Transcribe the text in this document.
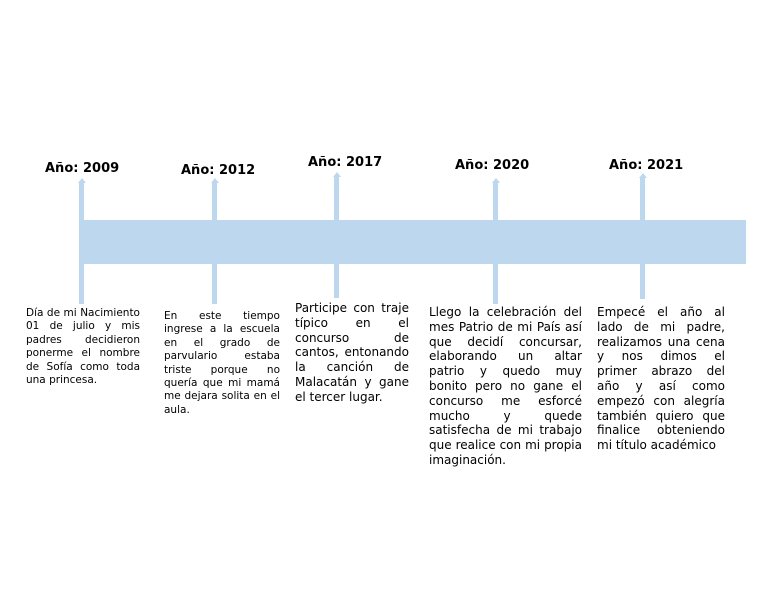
Año: 2009	Año: 2012
Año: 2017	Año: 2020	Año: 2021

Día de mi Nacimiento 01 de julio y mis padres decidieron ponerme el nombre de Sofía como toda una princesa.

En este tiempo ingrese a la escuela en el grado de parvulario estaba triste porque no quería que mi mamá me dejara solita en el aula.

Participe con traje típico en el concurso de cantos, entonando la canción de Malacatán y gane el tercer lugar.

Llego la celebración del mes Patrio de mi País así que decidí concursar, elaborando un altar patrio y quedo muy bonito pero no gane el concurso me esforcé mucho y quede satisfecha de mi trabajo que realice con mi propia imaginación.

Empecé el año al lado de mi padre, realizamos una cena y nos dimos el primer abrazo del año y así como empezó con alegría también quiero que finalice obteniendo mi título académico
